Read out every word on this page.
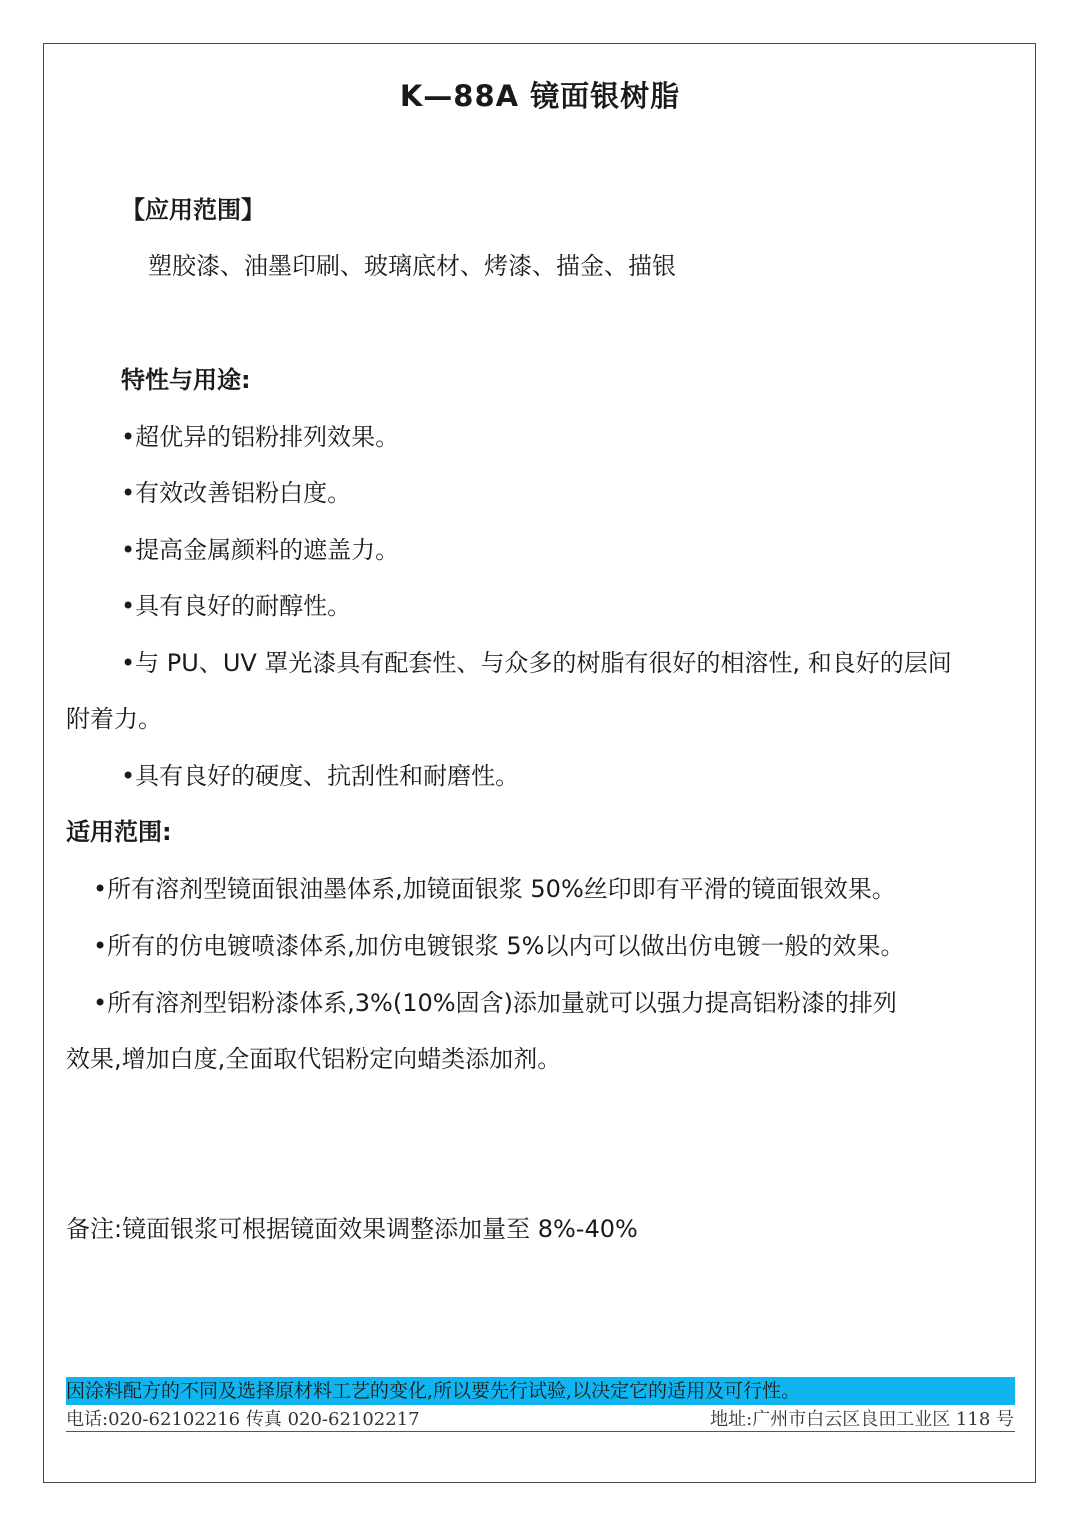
K—88A 镜面银树脂
【应用范围】
塑胶漆、油墨印刷、玻璃底材、烤漆、描金、描银
特性与用途:
•超优异的铝粉排列效果。
•有效改善铝粉白度。
•提高金属颜料的遮盖力。
•具有良好的耐醇性。
•与 PU、UV 罩光漆具有配套性、与众多的树脂有很好的相溶性, 和良好的层间
附着力。
•具有良好的硬度、抗刮性和耐磨性。
适用范围:
•所有溶剂型镜面银油墨体系,加镜面银浆 50%丝印即有平滑的镜面银效果。
•所有的仿电镀喷漆体系,加仿电镀银浆 5%以内可以做出仿电镀一般的效果。
•所有溶剂型铝粉漆体系,3%(10%固含)添加量就可以强力提高铝粉漆的排列
效果,增加白度,全面取代铝粉定向蜡类添加剂。
备注:镜面银浆可根据镜面效果调整添加量至 8%-40%
因涂料配方的不同及选择原材料工艺的变化,所以要先行试验,以决定它的适用及可行性。
电话:020-62102216 传真 020-62102217	地址:广州市白云区良田工业区 118 号
